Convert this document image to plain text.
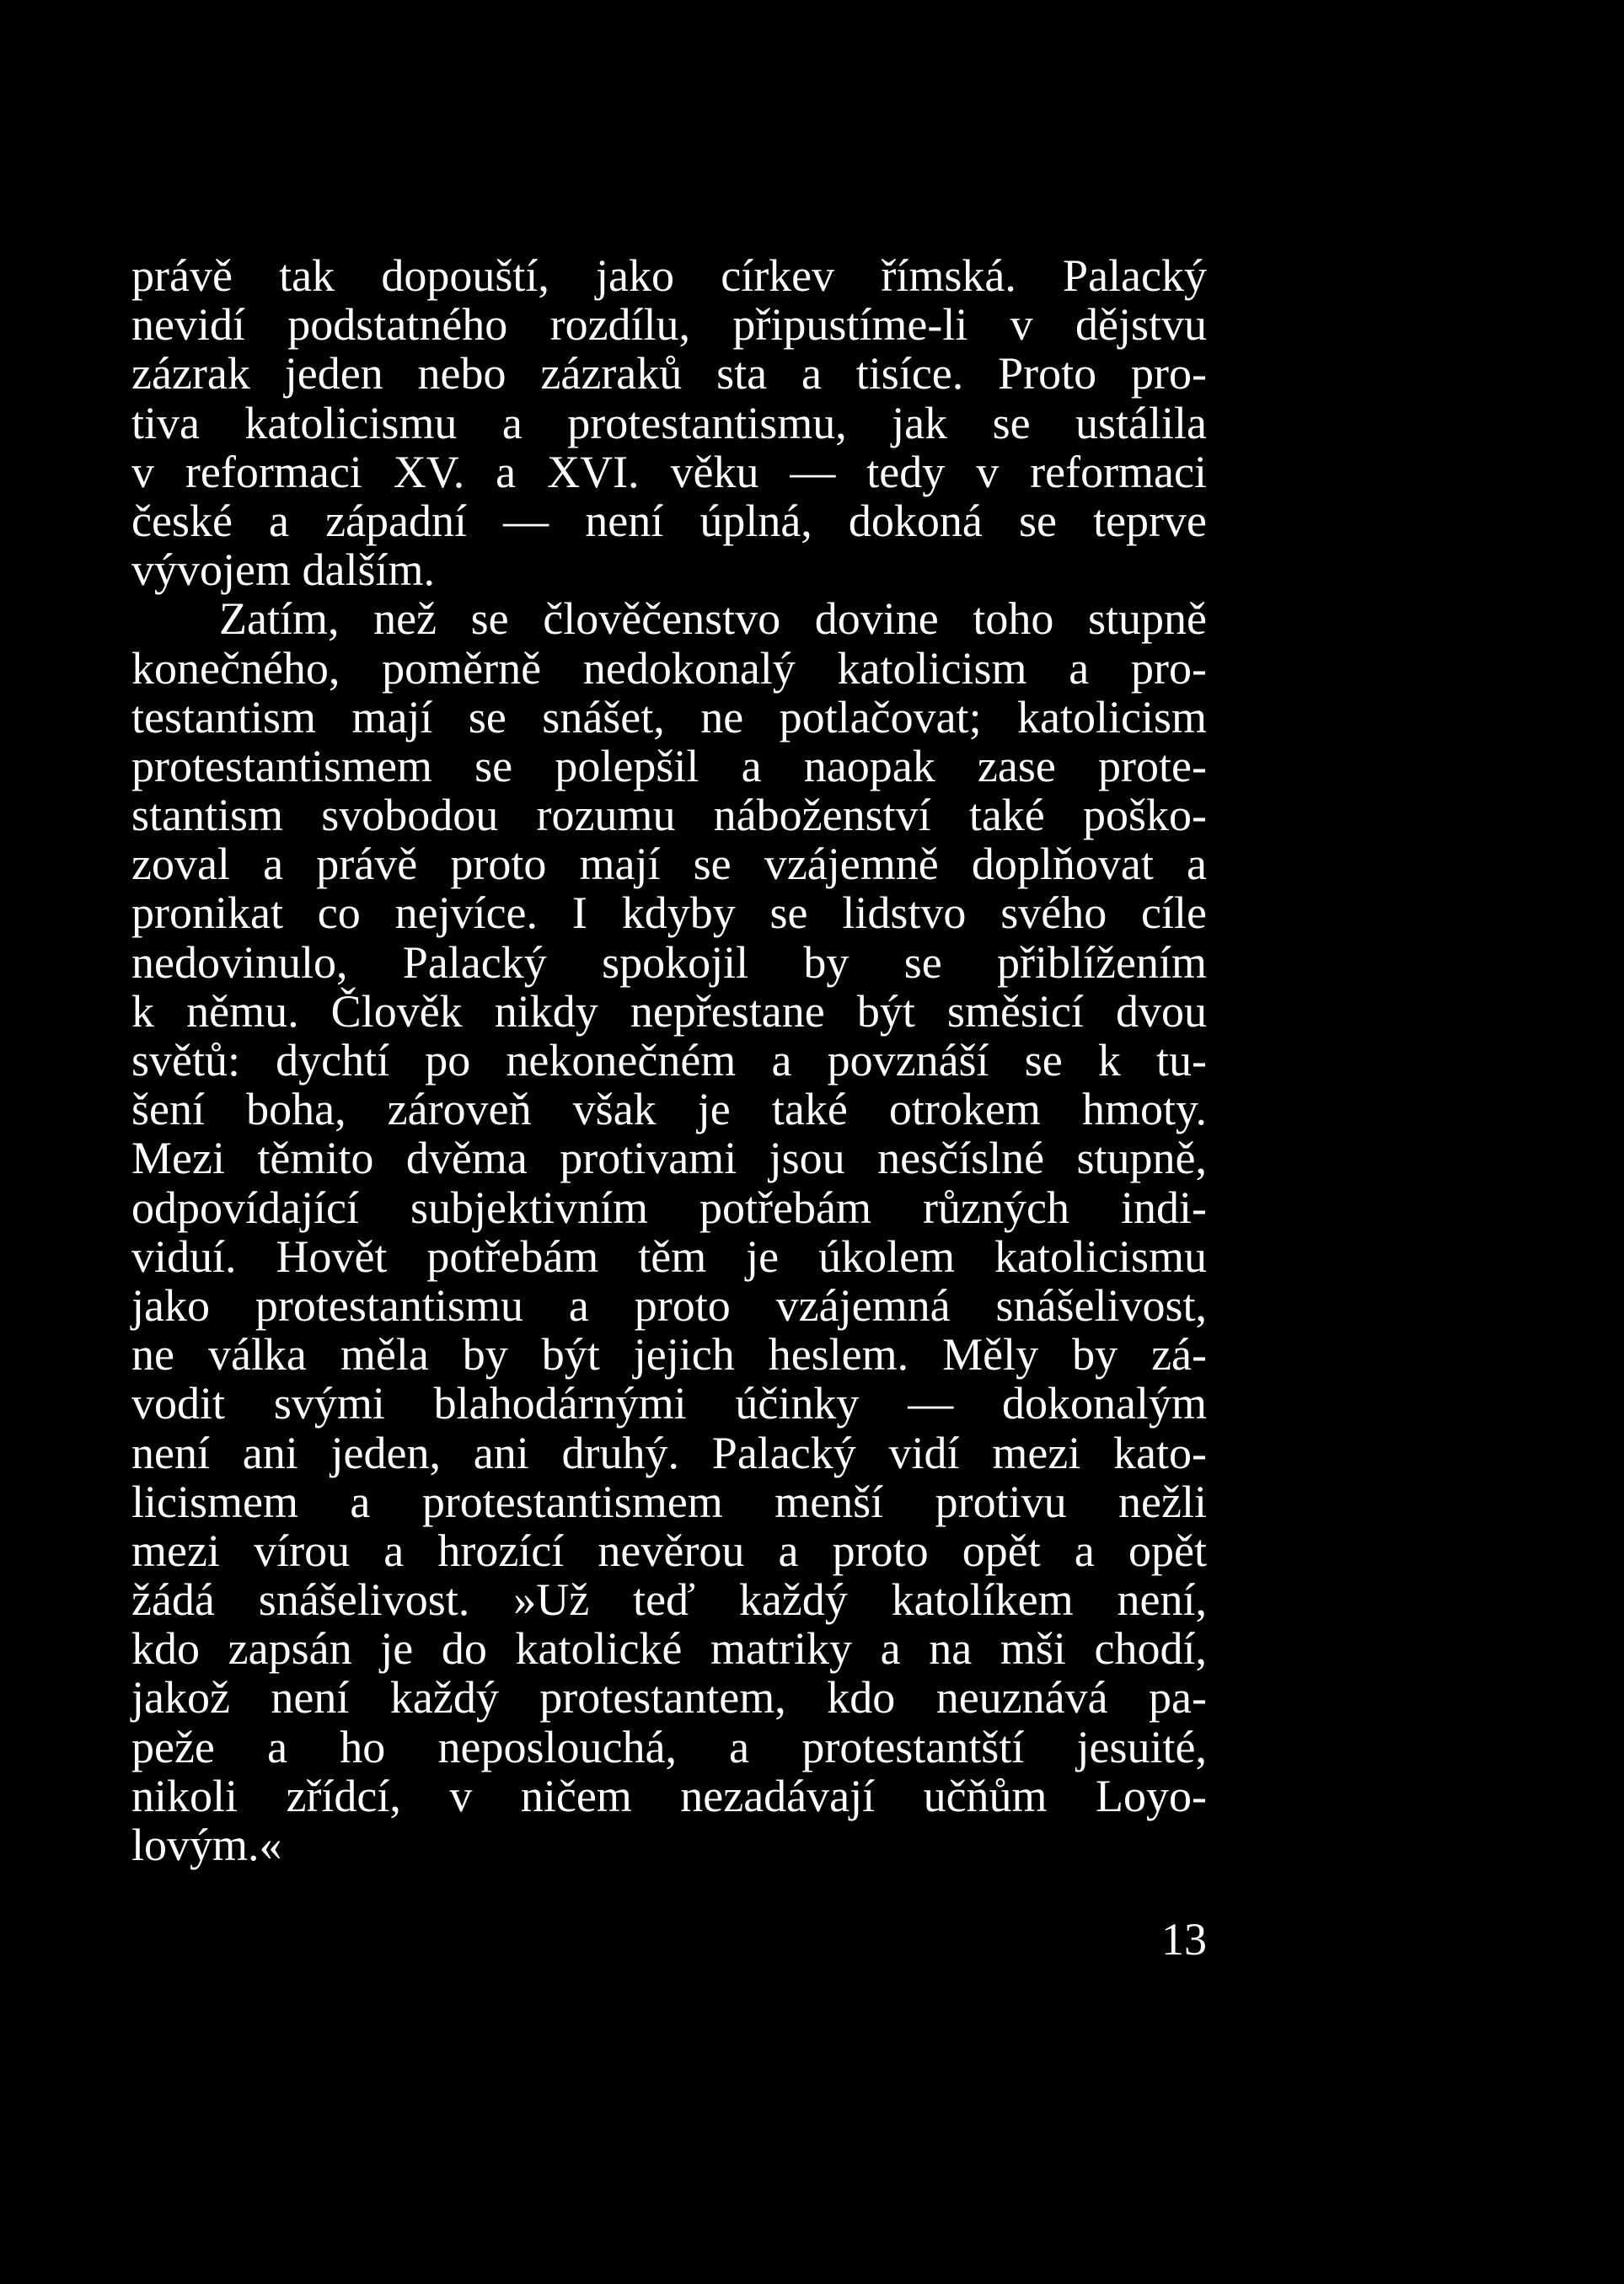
právě tak dopouští, jako církev římská. Palacký
nevidí podstatného rozdílu, připustíme-li v dějstvu
zázrak jeden nebo zázraků sta a tisíce. Proto pro-
tiva katolicismu a protestantismu, jak se ustálila
v reformaci XV. a XVI. věku — tedy v reformaci
české a západní — není úplná, dokoná se teprve
vývojem dalším.
Zatím, než se člověčenstvo dovine toho stupně
konečného, poměrně nedokonalý katolicism a pro-
testantism mají se snášet, ne potlačovat; katolicism
protestantismem se polepšil a naopak zase prote-
stantism svobodou rozumu náboženství také poško-
zoval a právě proto mají se vzájemně doplňovat a
pronikat co nejvíce. I kdyby se lidstvo svého cíle
nedovinulo, Palacký spokojil by se přiblížením
k němu. Člověk nikdy nepřestane být směsicí dvou
světů: dychtí po nekonečném a povznáší se k tu-
šení boha, zároveň však je také otrokem hmoty.
Mezi těmito dvěma protivami jsou nesčíslné stupně,
odpovídající subjektivním potřebám různých indi-
viduí. Hovět potřebám těm je úkolem katolicismu
jako protestantismu a proto vzájemná snášelivost,
ne válka měla by být jejich heslem. Měly by zá-
vodit svými blahodárnými účinky — dokonalým
není ani jeden, ani druhý. Palacký vidí mezi kato-
licismem a protestantismem menší protivu nežli
mezi vírou a hrozící nevěrou a proto opět a opět
žádá snášelivost. »Už teď každý katolíkem není,
kdo zapsán je do katolické matriky a na mši chodí,
jakož není každý protestantem, kdo neuznává pa-
peže a ho neposlouchá, a protestantští jesuité,
nikoli zřídcí, v ničem nezadávají učňům Loyo-
lovým.«
13
